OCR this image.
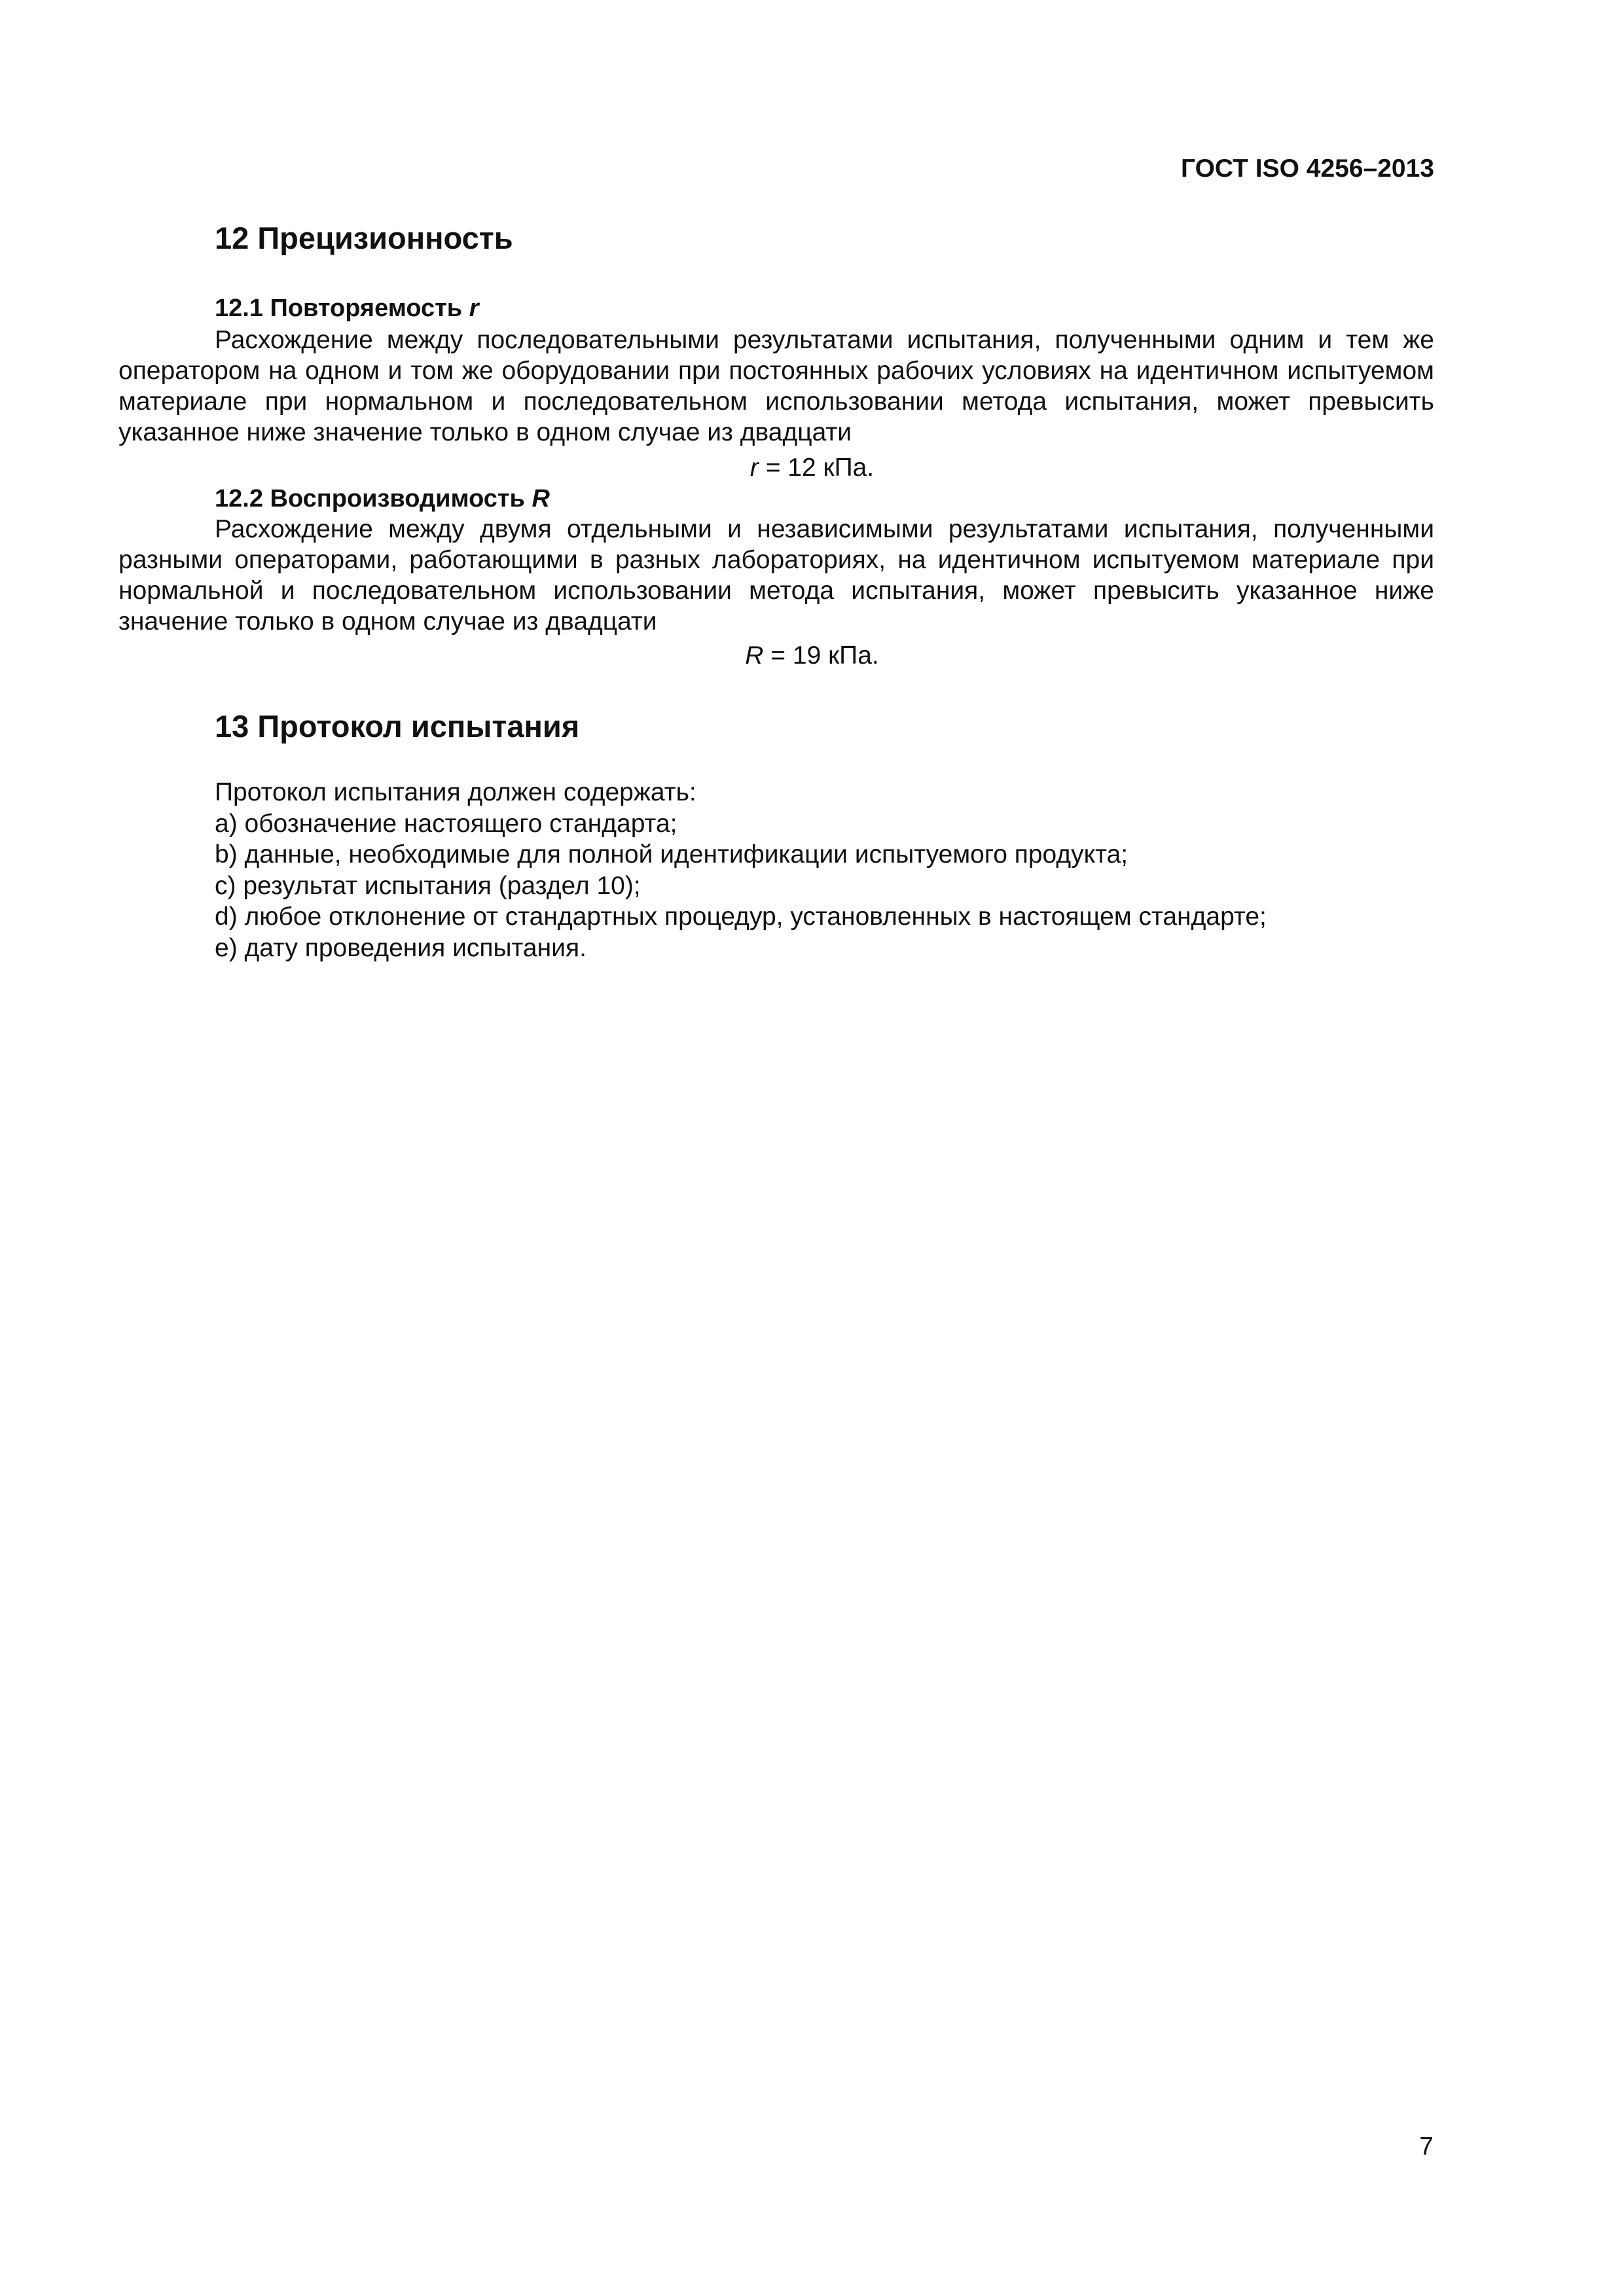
ГОСТ ISO 4256–2013
12 Прецизионность
12.1 Повторяемость r

Расхождение между последовательными результатами испытания, полученными одним и тем же оператором на одном и том же оборудовании при постоянных рабочих условиях на идентичном испытуемом материале при нормальном и последовательном использовании метода испытания, может превысить указанное ниже значение только в одном случае из двадцати

r = 12 кПа.
12.2 Воспроизводимость R

Расхождение между двумя отдельными и независимыми результатами испытания, полученными разными операторами, работающими в разных лабораториях, на идентичном испытуемом материале при нормальной и последовательном использовании метода испытания, может превысить указанное ниже значение только в одном случае из двадцати

R = 19 кПа.
13 Протокол испытания
Протокол испытания должен содержать:
a) обозначение настоящего стандарта;
b) данные, необходимые для полной идентификации испытуемого продукта;
c) результат испытания (раздел 10);
d) любое отклонение от стандартных процедур, установленных в настоящем стандарте;
e) дату проведения испытания.
7
